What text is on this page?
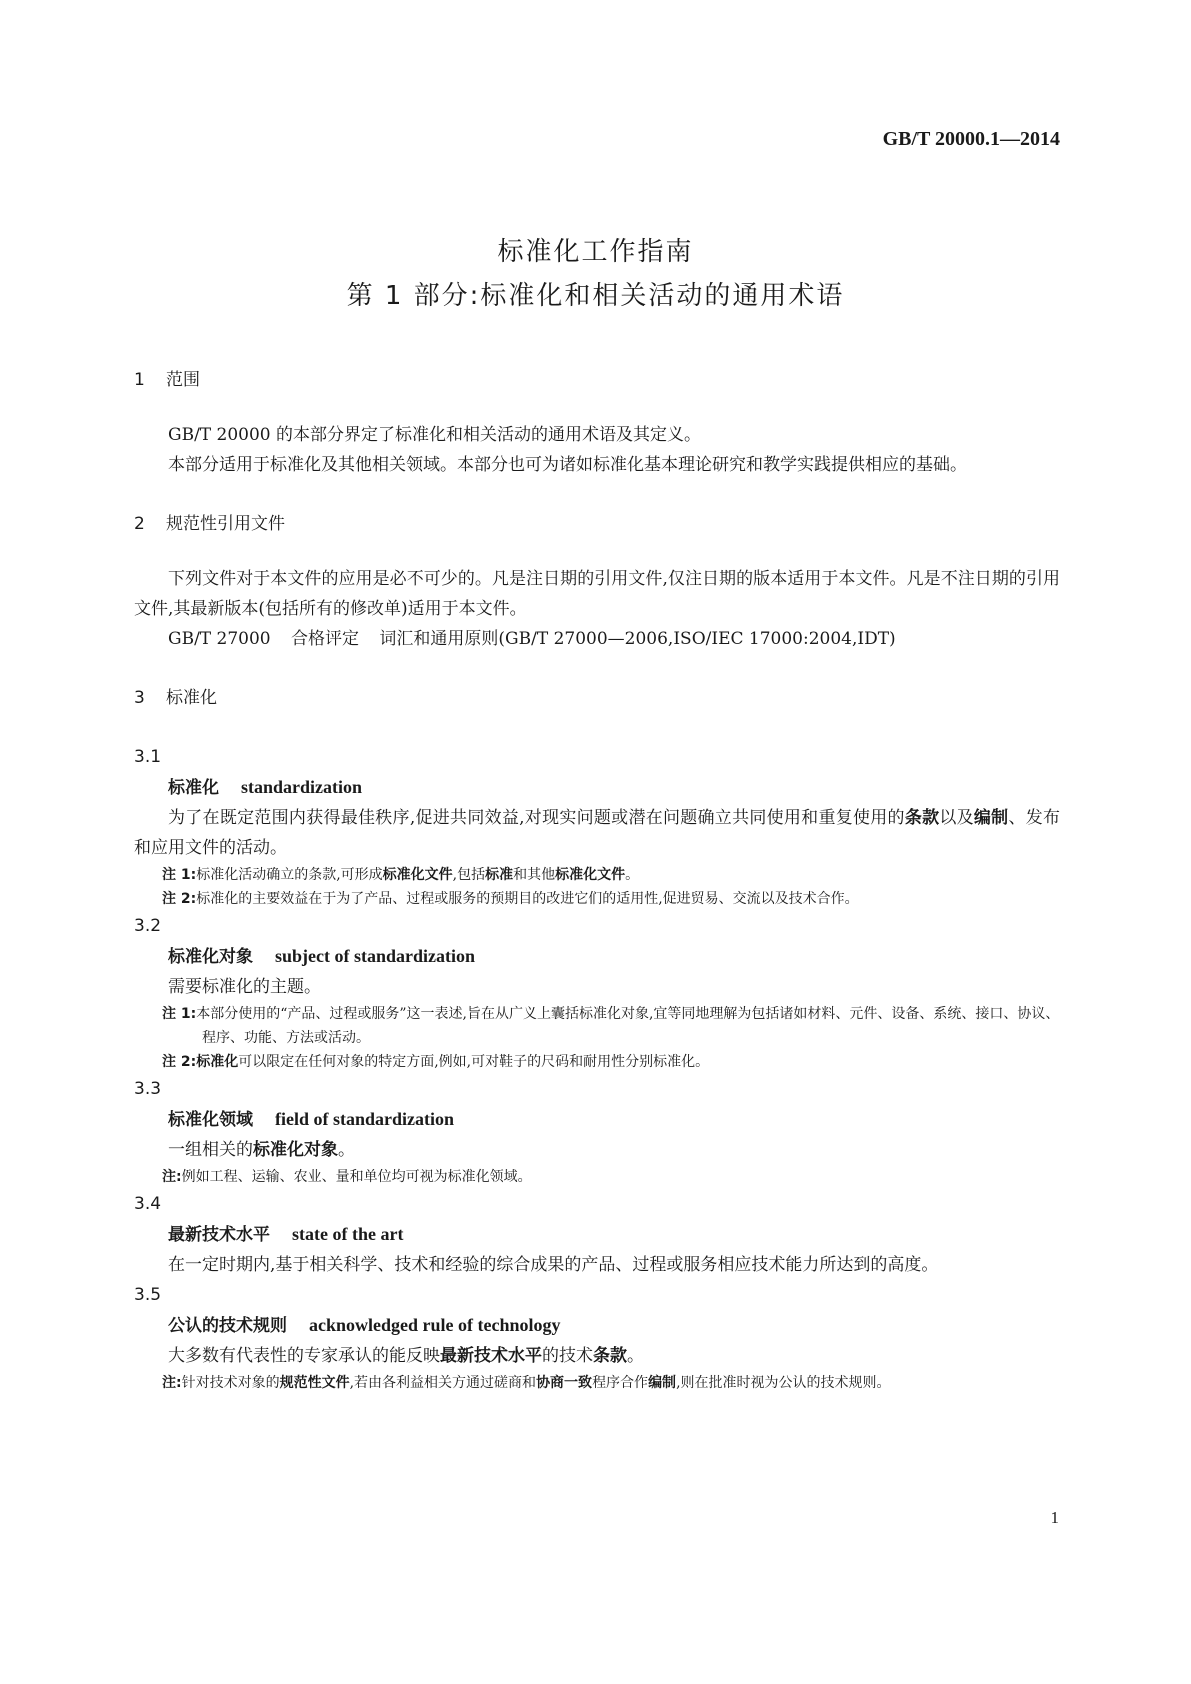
GB/T 20000.1—2014
标准化工作指南
第 1 部分:标准化和相关活动的通用术语
1 范围

GB/T 20000 的本部分界定了标准化和相关活动的通用术语及其定义。

本部分适用于标准化及其他相关领域。本部分也可为诸如标准化基本理论研究和教学实践提供相应的基础。

2 规范性引用文件

下列文件对于本文件的应用是必不可少的。凡是注日期的引用文件,仅注日期的版本适用于本文件。凡是不注日期的引用文件,其最新版本(包括所有的修改单)适用于本文件。

GB/T 27000 合格评定 词汇和通用原则(GB/T 27000—2006,ISO/IEC 17000:2004,IDT)
3 标准化
3.1
标准化 standardization

为了在既定范围内获得最佳秩序,促进共同效益,对现实问题或潜在问题确立共同使用和重复使用的条款以及编制、发布和应用文件的活动。

注 1:标准化活动确立的条款,可形成标准化文件,包括标准和其他标准化文件。
注 2:标准化的主要效益在于为了产品、过程或服务的预期目的改进它们的适用性,促进贸易、交流以及技术合作。
3.2
标准化对象 subject of standardization

需要标准化的主题。

注 1:本部分使用的“产品、过程或服务”这一表述,旨在从广义上囊括标准化对象,宜等同地理解为包括诸如材料、元件、设备、系统、接口、协议、程序、功能、方法或活动。
注 2:标准化可以限定在任何对象的特定方面,例如,可对鞋子的尺码和耐用性分别标准化。
3.3
标准化领域 field of standardization

一组相关的标准化对象。

注:例如工程、运输、农业、量和单位均可视为标准化领域。
3.4
最新技术水平 state of the art

在一定时期内,基于相关科学、技术和经验的综合成果的产品、过程或服务相应技术能力所达到的高度。

3.5
公认的技术规则 acknowledged rule of technology

大多数有代表性的专家承认的能反映最新技术水平的技术条款。

注:针对技术对象的规范性文件,若由各利益相关方通过磋商和协商一致程序合作编制,则在批准时视为公认的技术规则。
1
